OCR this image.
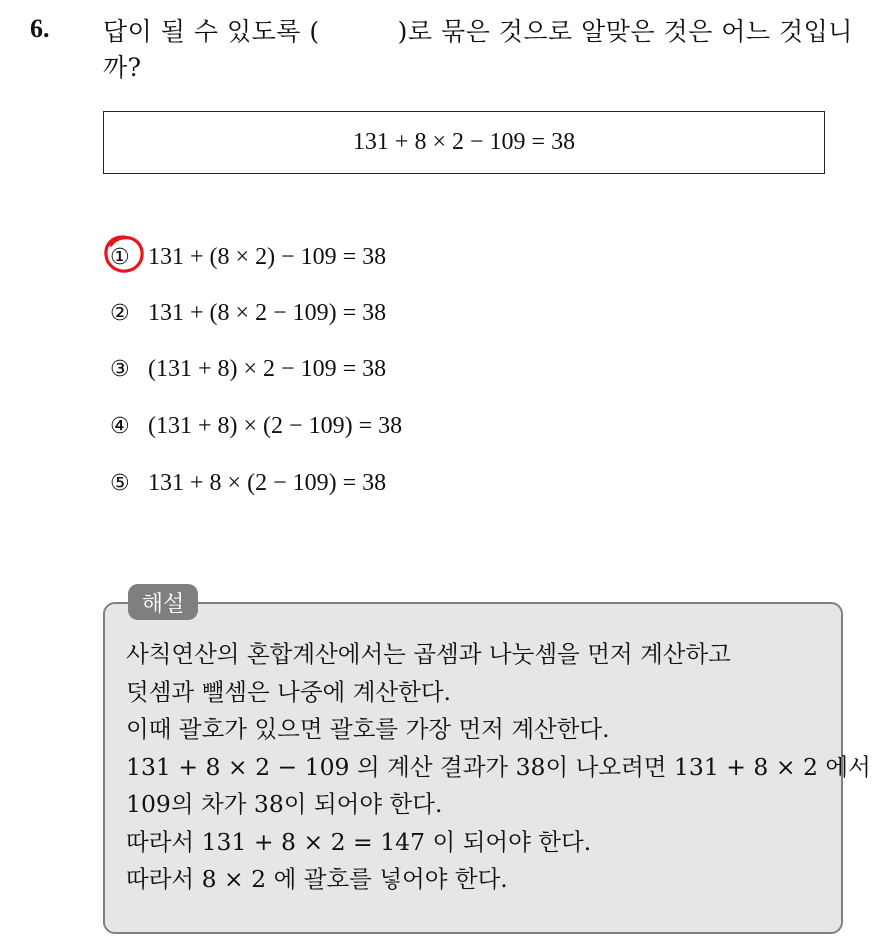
6. 답이 될 수 있도록 (	)로 묶은 것으로 알맞은 것은 어느 것입니까?
131 + 8 × 2 − 109 = 38
① 131 + (8 × 2) − 109 = 38
② 131 + (8 × 2 − 109) = 38
③ (131 + 8) × 2 − 109 = 38
④ (131 + 8) × (2 − 109) = 38
⑤ 131 + 8 × (2 − 109) = 38
해설
사칙연산의 혼합계산에서는 곱셈과 나눗셈을 먼저 계산하고
덧셈과 뺄셈은 나중에 계산한다.
이때 괄호가 있으면 괄호를 가장 먼저 계산한다.
131 + 8 × 2 − 109 의 계산 결과가 38이 나오려면 131 + 8 × 2 에서
109의 차가 38이 되어야 한다.
따라서 131 + 8 × 2 = 147 이 되어야 한다.
따라서 8 × 2 에 괄호를 넣어야 한다.
